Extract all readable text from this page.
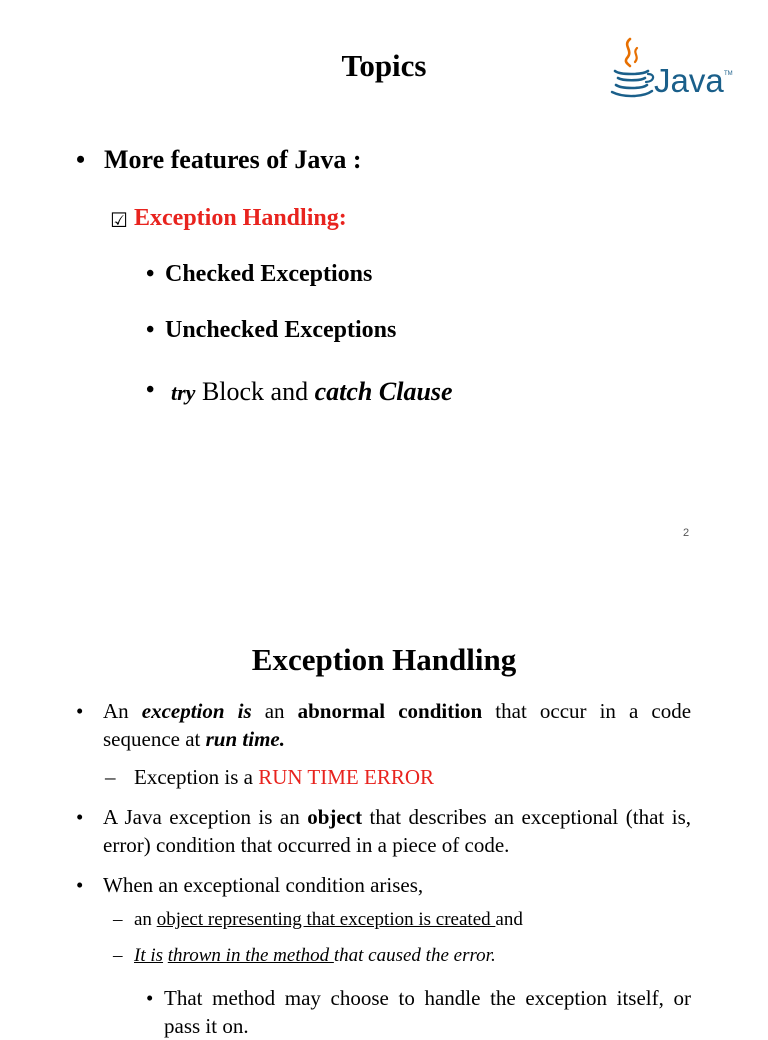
Topics
• More features of Java :
☑ Exception Handling:
• Checked Exceptions
• Unchecked Exceptions
• try Block and catch Clause
2
Java TM
Exception Handling
• An exception is an abnormal condition that occur in a code sequence at run time.
– Exception is a RUN TIME ERROR
• A Java exception is an object that describes an exceptional (that is, error) condition that occurred in a piece of code.
• When an exceptional condition arises,
– an object representing that exception is created and
– It is thrown in the method that caused the error.
• That method may choose to handle the exception itself, or pass it on.
